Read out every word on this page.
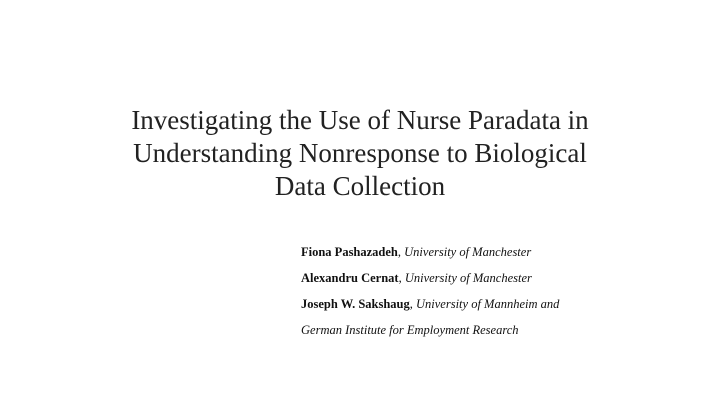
Investigating the Use of Nurse Paradata in
Understanding Nonresponse to Biological
Data Collection
Fiona Pashazadeh, University of Manchester
Alexandru Cernat, University of Manchester
Joseph W. Sakshaug, University of Mannheim and
German Institute for Employment Research
